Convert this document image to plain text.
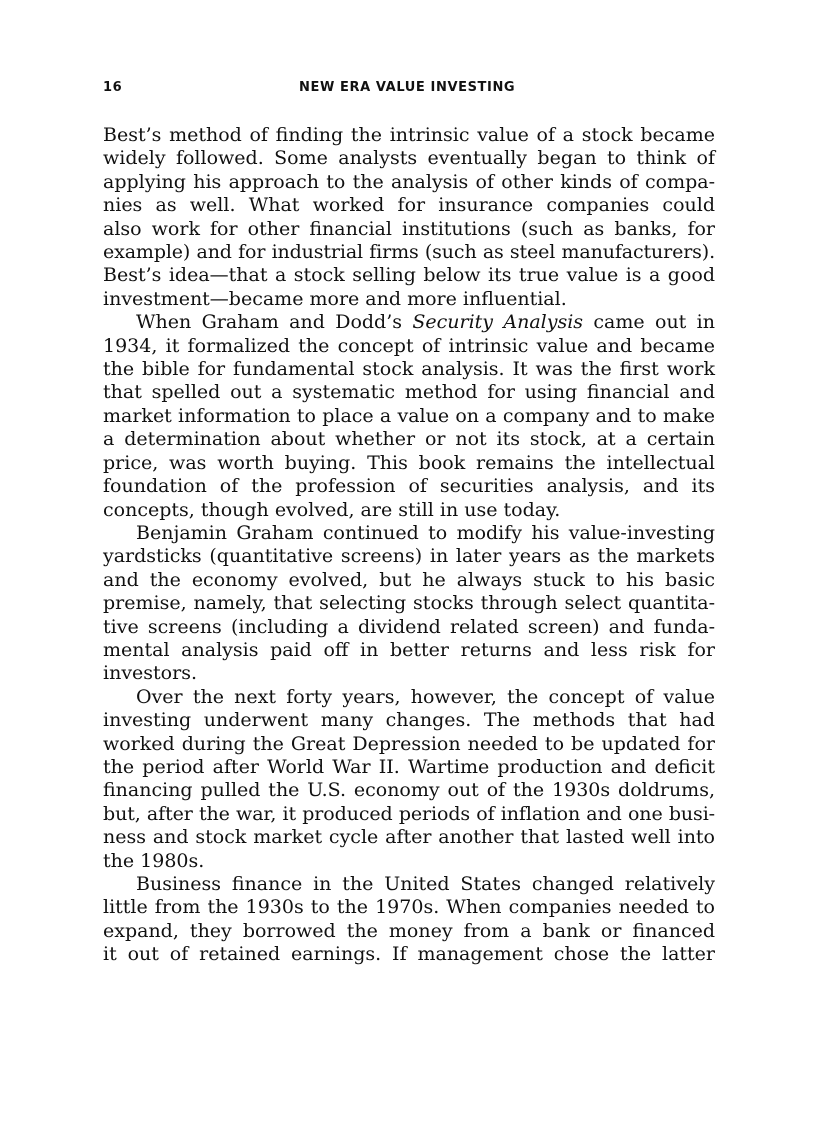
16	NEW ERA VALUE INVESTING
Best’s method of finding the intrinsic value of a stock became
widely followed. Some analysts eventually began to think of
applying his approach to the analysis of other kinds of compa-
nies as well. What worked for insurance companies could
also work for other financial institutions (such as banks, for
example) and for industrial firms (such as steel manufacturers).
Best’s idea—that a stock selling below its true value is a good
investment—became more and more influential.
When Graham and Dodd’s Security Analysis came out in
1934, it formalized the concept of intrinsic value and became
the bible for fundamental stock analysis. It was the first work
that spelled out a systematic method for using financial and
market information to place a value on a company and to make
a determination about whether or not its stock, at a certain
price, was worth buying. This book remains the intellectual
foundation of the profession of securities analysis, and its
concepts, though evolved, are still in use today.
Benjamin Graham continued to modify his value-investing
yardsticks (quantitative screens) in later years as the markets
and the economy evolved, but he always stuck to his basic
premise, namely, that selecting stocks through select quantita-
tive screens (including a dividend related screen) and funda-
mental analysis paid off in better returns and less risk for
investors.
Over the next forty years, however, the concept of value
investing underwent many changes. The methods that had
worked during the Great Depression needed to be updated for
the period after World War II. Wartime production and deficit
financing pulled the U.S. economy out of the 1930s doldrums,
but, after the war, it produced periods of inflation and one busi-
ness and stock market cycle after another that lasted well into
the 1980s.
Business finance in the United States changed relatively
little from the 1930s to the 1970s. When companies needed to
expand, they borrowed the money from a bank or financed
it out of retained earnings. If management chose the latter
